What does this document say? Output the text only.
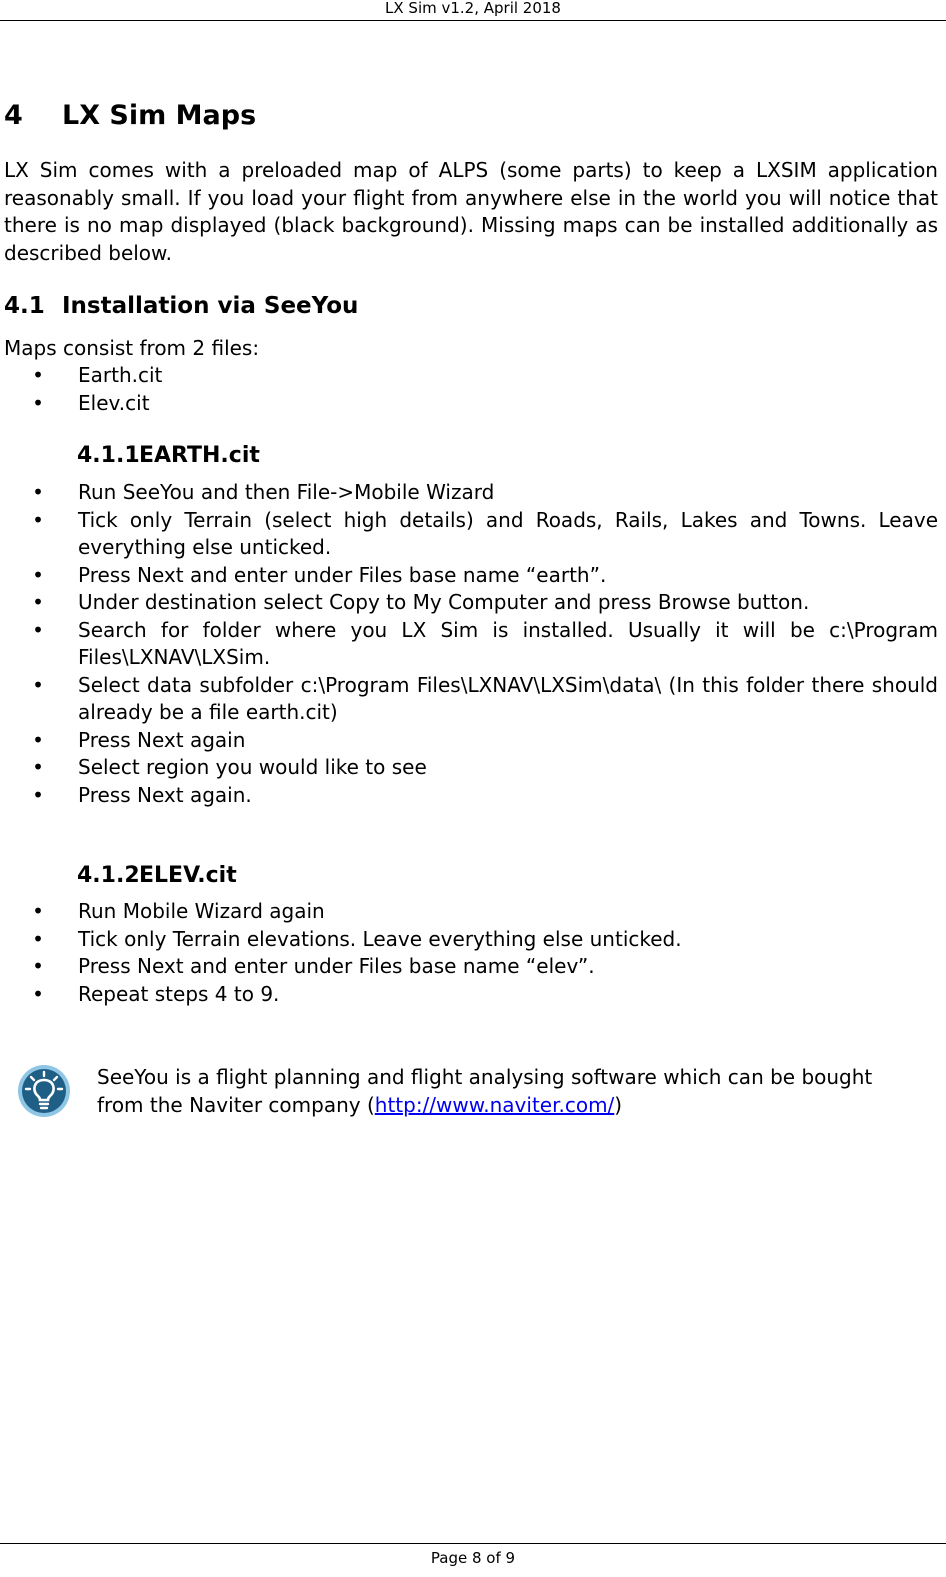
LX Sim v1.2, April 2018
4 LX Sim Maps

LX Sim comes with a preloaded map of ALPS (some parts) to keep a LXSIM application reasonably small. If you load your flight from anywhere else in the world you will notice that there is no map displayed (black background). Missing maps can be installed additionally as described below.

4.1 Installation via SeeYou

Maps consist from 2 files:

• Earth.cit
• Elev.cit
4.1.1EARTH.cit
• Run SeeYou and then File->Mobile Wizard
• Tick only Terrain (select high details) and Roads, Rails, Lakes and Towns. Leave everything else unticked.
• Press Next and enter under Files base name “earth”.
• Under destination select Copy to My Computer and press Browse button.
• Search for folder where you LX Sim is installed. Usually it will be c:\Program Files\LXNAV\LXSim.
• Select data subfolder c:\Program Files\LXNAV\LXSim\data\ (In this folder there should already be a file earth.cit)
• Press Next again
• Select region you would like to see
• Press Next again.
4.1.2ELEV.cit
• Run Mobile Wizard again
• Tick only Terrain elevations. Leave everything else unticked.
• Press Next and enter under Files base name “elev”.
• Repeat steps 4 to 9.
SeeYou is a flight planning and flight analysing software which can be bought from the Naviter company (http://www.naviter.com/)
Page 8 of 9
